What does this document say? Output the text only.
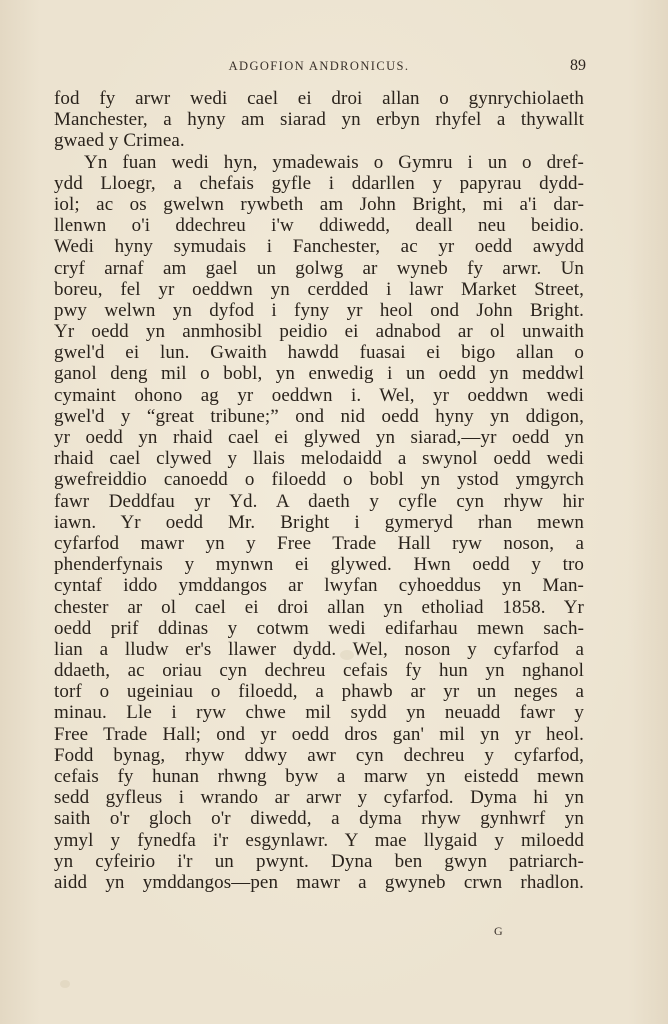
ADGOFION ANDRONICUS.	89
fod fy arwr wedi cael ei droi allan o gynrychiolaeth
Manchester, a hyny am siarad yn erbyn rhyfel a thywallt
gwaed y Crimea.
Yn fuan wedi hyn, ymadewais o Gymru i un o dref-
ydd Lloegr, a chefais gyfle i ddarllen y papyrau dydd-
iol; ac os gwelwn rywbeth am John Bright, mi a'i dar-
llenwn o'i ddechreu i'w ddiwedd, deall neu beidio.
Wedi hyny symudais i Fanchester, ac yr oedd awydd
cryf arnaf am gael un golwg ar wyneb fy arwr. Un
boreu, fel yr oeddwn yn cerdded i lawr Market Street,
pwy welwn yn dyfod i fyny yr heol ond John Bright.
Yr oedd yn anmhosibl peidio ei adnabod ar ol unwaith
gwel'd ei lun. Gwaith hawdd fuasai ei bigo allan o
ganol deng mil o bobl, yn enwedig i un oedd yn meddwl
cymaint ohono ag yr oeddwn i. Wel, yr oeddwn wedi
gwel'd y “great tribune;” ond nid oedd hyny yn ddigon,
yr oedd yn rhaid cael ei glywed yn siarad,—yr oedd yn
rhaid cael clywed y llais melodaidd a swynol oedd wedi
gwefreiddio canoedd o filoedd o bobl yn ystod ymgyrch
fawr Deddfau yr Yd. A daeth y cyfle cyn rhyw hir
iawn. Yr oedd Mr. Bright i gymeryd rhan mewn
cyfarfod mawr yn y Free Trade Hall ryw noson, a
phenderfynais y mynwn ei glywed. Hwn oedd y tro
cyntaf iddo ymddangos ar lwyfan cyhoeddus yn Man-
chester ar ol cael ei droi allan yn etholiad 1858. Yr
oedd prif ddinas y cotwm wedi edifarhau mewn sach-
lian a lludw er's llawer dydd. Wel, noson y cyfarfod a
ddaeth, ac oriau cyn dechreu cefais fy hun yn nghanol
torf o ugeiniau o filoedd, a phawb ar yr un neges a
minau. Lle i ryw chwe mil sydd yn neuadd fawr y
Free Trade Hall; ond yr oedd dros gan' mil yn yr heol.
Fodd bynag, rhyw ddwy awr cyn dechreu y cyfarfod,
cefais fy hunan rhwng byw a marw yn eistedd mewn
sedd gyfleus i wrando ar arwr y cyfarfod. Dyma hi yn
saith o'r gloch o'r diwedd, a dyma rhyw gynhwrf yn
ymyl y fynedfa i'r esgynlawr. Y mae llygaid y miloedd
yn cyfeirio i'r un pwynt. Dyna ben gwyn patriarch-
aidd yn ymddangos—pen mawr a gwyneb crwn rhadlon.
G
